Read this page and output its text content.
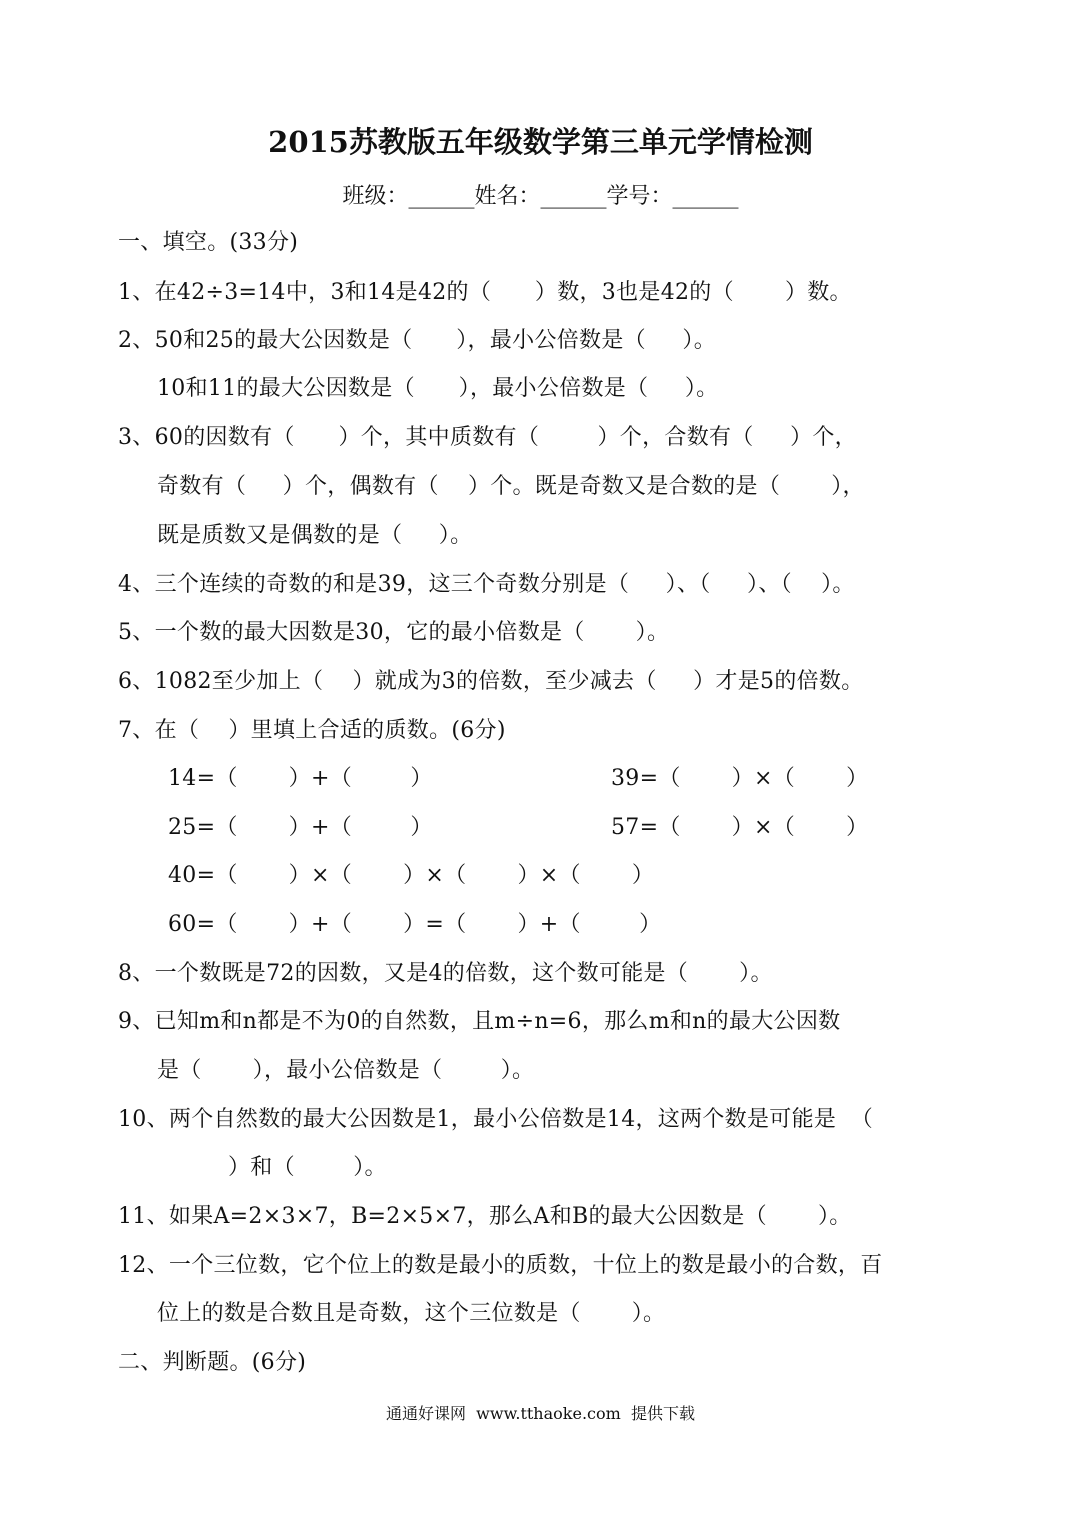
2015苏教版五年级数学第三单元学情检测
班级：______姓名：______学号：______
一、填空。(33分)
1、在42÷3=14中，3和14是42的（      ）数，3也是42的（       ）数。
2、50和25的最大公因数是（      ），最小公倍数是（     ）。
10和11的最大公因数是（      ），最小公倍数是（     ）。
3、60的因数有（      ）个，其中质数有（        ）个，合数有（     ）个，
奇数有（     ）个，偶数有（    ）个。既是奇数又是合数的是（       ），
既是质数又是偶数的是（     ）。
4、三个连续的奇数的和是39，这三个奇数分别是（     ）、（     ）、（    ）。
5、一个数的最大因数是30，它的最小倍数是（       ）。
6、1082至少加上（    ）就成为3的倍数，至少减去（     ）才是5的倍数。
7、在（    ）里填上合适的质数。(6分)
14=（       ）+（        ）	39=（       ）×（       ）
25=（       ）+（        ）	57=（       ）×（       ）
40=（       ）×（       ）×（       ）×（       ）
60=（       ）+（       ）=（       ）+（        ）
8、一个数既是72的因数，又是4的倍数，这个数可能是（       ）。
9、已知m和n都是不为0的自然数，且m÷n=6，那么m和n的最大公因数
是（       ），最小公倍数是（        ）。
10、两个自然数的最大公因数是1，最小公倍数是14，这两个数是可能是  （
）和（        ）。
11、如果A=2×3×7，B=2×5×7，那么A和B的最大公因数是（       ）。
12、一个三位数，它个位上的数是最小的质数，十位上的数是最小的合数，百
位上的数是合数且是奇数，这个三位数是（       ）。
二、判断题。(6分)
通通好课网  www.tthaoke.com  提供下载
